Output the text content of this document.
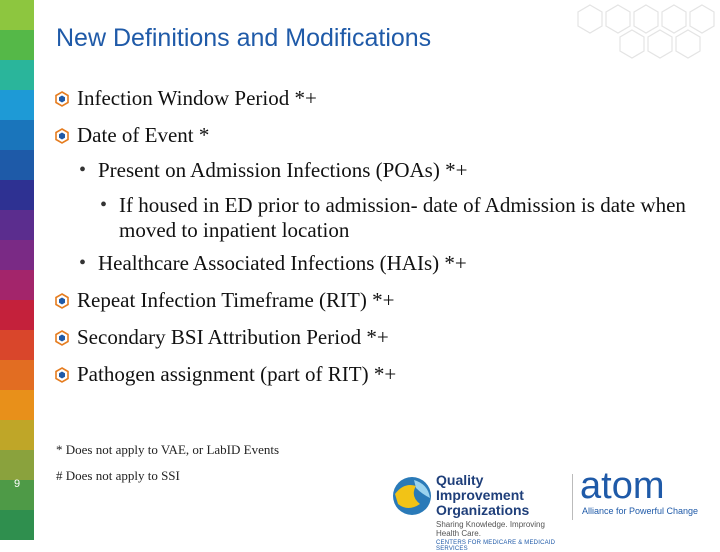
9
New Definitions and Modifications
Infection Window Period *+
Date of Event *
• Present on Admission Infections (POAs) *+
• If housed in ED prior to admission- date of Admission is date when moved to inpatient location
• Healthcare Associated Infections (HAIs) *+
Repeat Infection Timeframe (RIT) *+
Secondary BSI Attribution Period *+
Pathogen assignment (part of RIT) *+
* Does not apply to VAE, or LabID Events
# Does not apply to SSI	Quality Improvement
Organizations
Sharing Knowledge. Improving Health Care.
CENTERS FOR MEDICARE & MEDICAID SERVICES
atom
Alliance for Powerful Change
